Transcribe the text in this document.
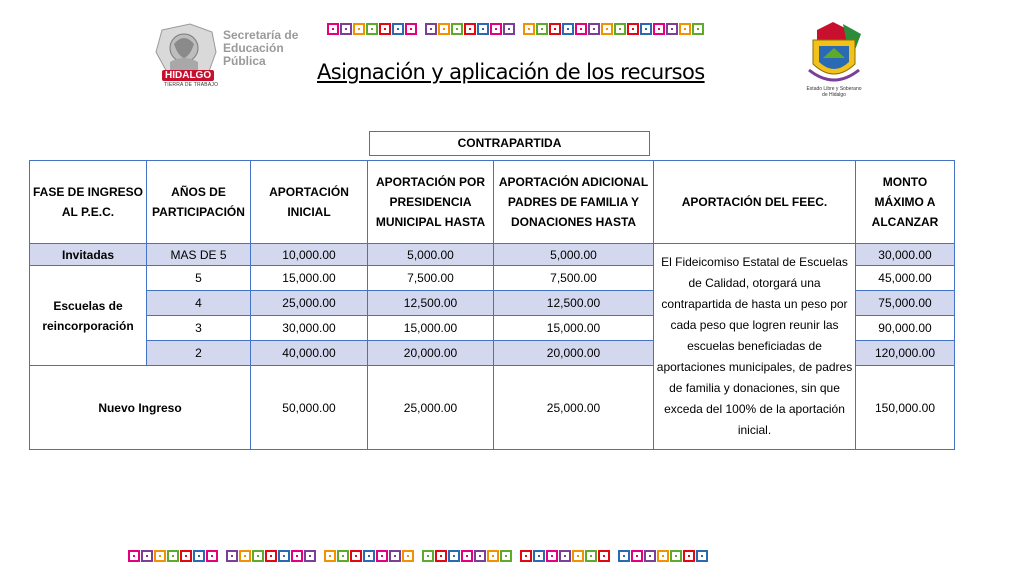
Secretaría de
Educación
Pública
HIDALGO
TIERRA DE TRABAJO
Asignación y aplicación de los recursos
Estado Libre y Soberano
de Hidalgo
CONTRAPARTIDA
FASE DE INGRESO AL P.E.C.	AÑOS DE PARTICIPACIÓN	APORTACIÓN INICIAL	APORTACIÓN POR PRESIDENCIA MUNICIPAL HASTA	APORTACIÓN ADICIONAL PADRES DE FAMILIA Y DONACIONES HASTA	APORTACIÓN DEL FEEC.	MONTO MÁXIMO A ALCANZAR
Invitadas	MAS DE 5	10,000.00	5,000.00	5,000.00	El Fideicomiso Estatal de Escuelas de Calidad, otorgará una contrapartida de hasta un peso por cada peso que logren reunir las escuelas beneficiadas de aportaciones municipales, de padres de familia y donaciones, sin que exceda del 100% de la aportación inicial.	30,000.00
Escuelas de reincorporación	5	15,000.00	7,500.00	7,500.00		45,000.00
	4	25,000.00	12,500.00	12,500.00		75,000.00
	3	30,000.00	15,000.00	15,000.00		90,000.00
	2	40,000.00	20,000.00	20,000.00		120,000.00
Nuevo Ingreso		50,000.00	25,000.00	25,000.00		150,000.00
